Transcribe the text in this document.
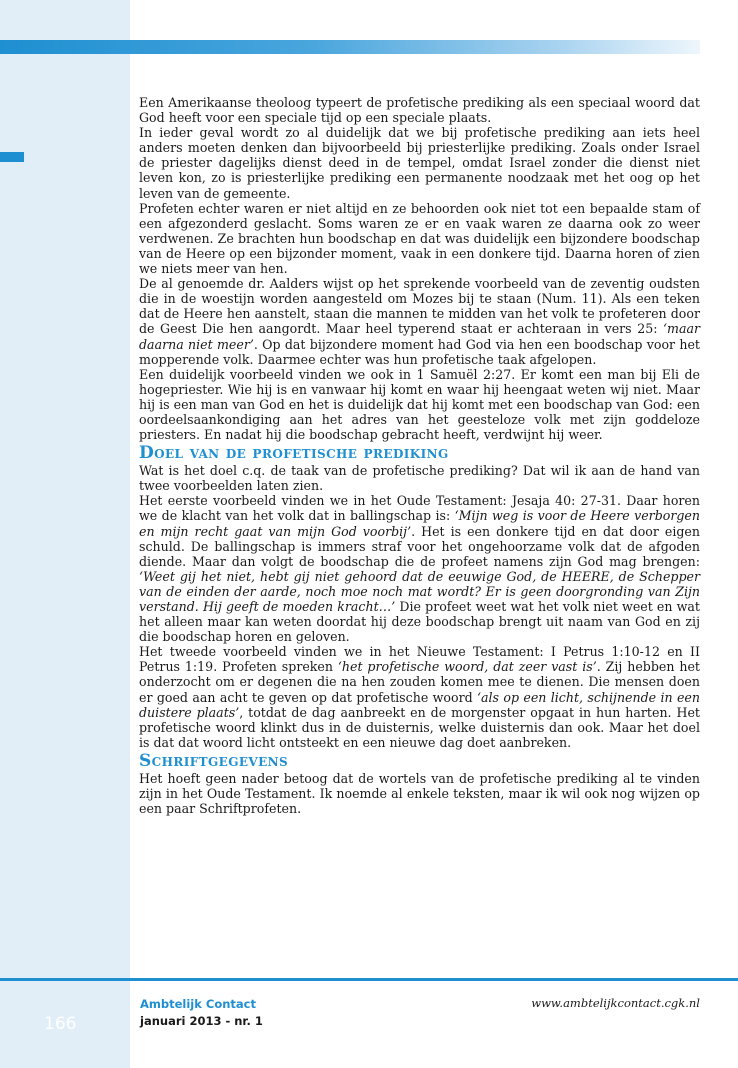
Een Amerikaanse theoloog typeert de profetische prediking als een speciaal woord dat God heeft voor een speciale tijd op een speciale plaats.

In ieder geval wordt zo al duidelijk dat we bij profetische prediking aan iets heel anders moeten denken dan bijvoorbeeld bij priesterlijke prediking. Zoals onder Israel de priester dagelijks dienst deed in de tempel, omdat Israel zonder die dienst niet leven kon, zo is priesterlijke prediking een permanente noodzaak met het oog op het leven van de gemeente.

Profeten echter waren er niet altijd en ze behoorden ook niet tot een bepaalde stam of een afgezonderd geslacht. Soms waren ze er en vaak waren ze daarna ook zo weer verdwenen. Ze brachten hun boodschap en dat was duidelijk een bijzondere boodschap van de Heere op een bijzonder moment, vaak in een donkere tijd. Daarna horen of zien we niets meer van hen.

De al genoemde dr. Aalders wijst op het sprekende voorbeeld van de zeventig oudsten die in de woestijn worden aangesteld om Mozes bij te staan (Num. 11). Als een teken dat de Heere hen aanstelt, staan die mannen te midden van het volk te profeteren door de Geest Die hen aangordt. Maar heel typerend staat er achteraan in vers 25: ‘maar daarna niet meer’. Op dat bijzondere moment had God via hen een boodschap voor het mopperende volk. Daarmee echter was hun profetische taak afgelopen.

Een duidelijk voorbeeld vinden we ook in 1 Samuël 2:27. Er komt een man bij Eli de hogepriester. Wie hij is en vanwaar hij komt en waar hij heengaat weten wij niet. Maar hij is een man van God en het is duidelijk dat hij komt met een boodschap van God: een oordeelsaankondiging aan het adres van het geesteloze volk met zijn goddeloze priesters. En nadat hij die boodschap gebracht heeft, verdwijnt hij weer.

Doel van de profetische prediking

Wat is het doel c.q. de taak van de profetische prediking? Dat wil ik aan de hand van twee voorbeelden laten zien.

Het eerste voorbeeld vinden we in het Oude Testament: Jesaja 40: 27-31. Daar horen we de klacht van het volk dat in ballingschap is: ‘Mijn weg is voor de Heere verborgen en mijn recht gaat van mijn God voorbij’. Het is een donkere tijd en dat door eigen schuld. De ballingschap is immers straf voor het ongehoorzame volk dat de afgoden diende. Maar dan volgt de boodschap die de profeet namens zijn God mag brengen: ‘Weet gij het niet, hebt gij niet gehoord dat de eeuwige God, de HEERE, de Schepper van de einden der aarde, noch moe noch mat wordt? Er is geen doorgronding van Zijn verstand. Hij geeft de moeden kracht…’ Die profeet weet wat het volk niet weet en wat het alleen maar kan weten doordat hij deze boodschap brengt uit naam van God en zij die boodschap horen en geloven.

Het tweede voorbeeld vinden we in het Nieuwe Testament: I Petrus 1:10-12 en II Petrus 1:19. Profeten spreken ‘het profetische woord, dat zeer vast is’. Zij hebben het onderzocht om er degenen die na hen zouden komen mee te dienen. Die mensen doen er goed aan acht te geven op dat profetische woord ‘als op een licht, schijnende in een duistere plaats’, totdat de dag aanbreekt en de morgenster opgaat in hun harten. Het profetische woord klinkt dus in de duisternis, welke duisternis dan ook. Maar het doel is dat dat woord licht ontsteekt en een nieuwe dag doet aanbreken.

Schriftgegevens

Het hoeft geen nader betoog dat de wortels van de profetische prediking al te vinden zijn in het Oude Testament. Ik noemde al enkele teksten, maar ik wil ook nog wijzen op een paar Schriftprofeten.

166
Ambtelijk Contact
januari 2013 - nr. 1
www.ambtelijkcontact.cgk.nl
